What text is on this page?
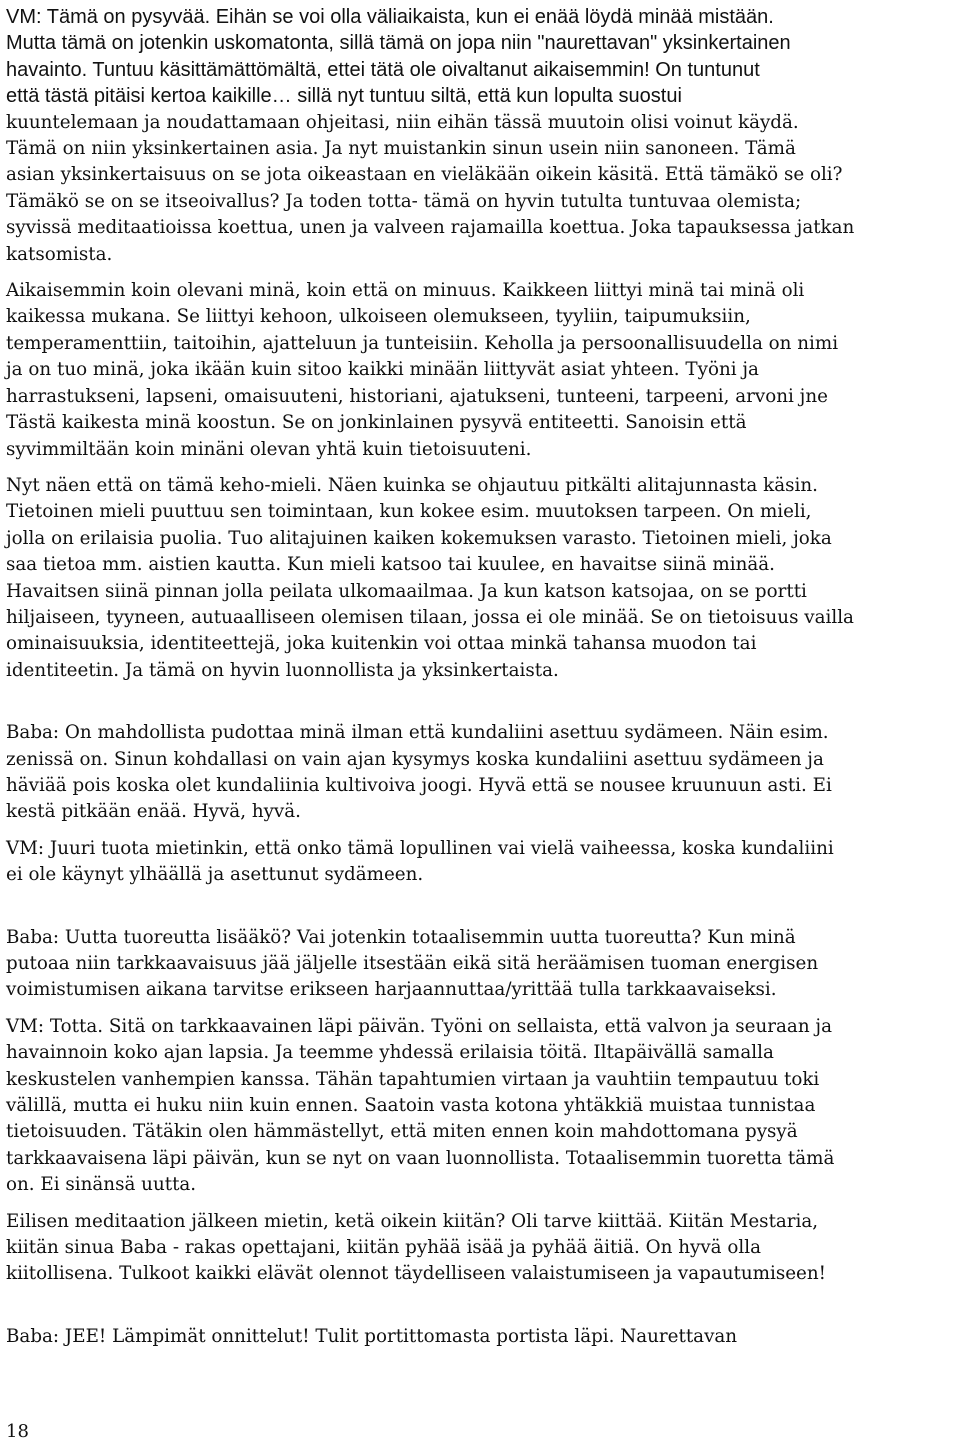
VM: Tämä on pysyvää. Eihän se voi olla väliaikaista, kun ei enää löydä minää mistään.
Mutta tämä on jotenkin uskomatonta, sillä tämä on jopa niin "naurettavan" yksinkertainen
havainto. Tuntuu käsittämättömältä, ettei tätä ole oivaltanut aikaisemmin! On tuntunut
että tästä pitäisi kertoa kaikille… sillä nyt tuntuu siltä, että kun lopulta suostui
kuuntelemaan ja noudattamaan ohjeitasi, niin eihän tässä muutoin olisi voinut käydä.
Tämä on niin yksinkertainen asia. Ja nyt muistankin sinun usein niin sanoneen. Tämä
asian yksinkertaisuus on se jota oikeastaan en vieläkään oikein käsitä. Että tämäkö se oli?
Tämäkö se on se itseoivallus? Ja toden totta- tämä on hyvin tutulta tuntuvaa olemista;
syvissä meditaatioissa koettua, unen ja valveen rajamailla koettua. Joka tapauksessa jatkan
katsomista.

Aikaisemmin koin olevani minä, koin että on minuus. Kaikkeen liittyi minä tai minä oli
kaikessa mukana. Se liittyi kehoon, ulkoiseen olemukseen, tyyliin, taipumuksiin,
temperamenttiin, taitoihin, ajatteluun ja tunteisiin. Keholla ja persoonallisuudella on nimi
ja on tuo minä, joka ikään kuin sitoo kaikki minään liittyvät asiat yhteen. Työni ja
harrastukseni, lapseni, omaisuuteni, historiani, ajatukseni, tunteeni, tarpeeni, arvoni jne
Tästä kaikesta minä koostun. Se on jonkinlainen pysyvä entiteetti. Sanoisin että
syvimmiltään koin minäni olevan yhtä kuin tietoisuuteni.

Nyt näen että on tämä keho-mieli. Näen kuinka se ohjautuu pitkälti alitajunnasta käsin.
Tietoinen mieli puuttuu sen toimintaan, kun kokee esim. muutoksen tarpeen. On mieli,
jolla on erilaisia puolia. Tuo alitajuinen kaiken kokemuksen varasto. Tietoinen mieli, joka
saa tietoa mm. aistien kautta. Kun mieli katsoo tai kuulee, en havaitse siinä minää.
Havaitsen siinä pinnan jolla peilata ulkomaailmaa. Ja kun katson katsojaa, on se portti
hiljaiseen, tyyneen, autuaalliseen olemisen tilaan, jossa ei ole minää. Se on tietoisuus vailla
ominaisuuksia, identiteettejä, joka kuitenkin voi ottaa minkä tahansa muodon tai
identiteetin. Ja tämä on hyvin luonnollista ja yksinkertaista.

Baba: On mahdollista pudottaa minä ilman että kundaliini asettuu sydämeen. Näin esim.
zenissä on. Sinun kohdallasi on vain ajan kysymys koska kundaliini asettuu sydämeen ja
häviää pois koska olet kundaliinia kultivoiva joogi. Hyvä että se nousee kruunuun asti. Ei
kestä pitkään enää. Hyvä, hyvä.

VM: Juuri tuota mietinkin, että onko tämä lopullinen vai vielä vaiheessa, koska kundaliini
ei ole käynyt ylhäällä ja asettunut sydämeen.

Baba: Uutta tuoreutta lisääkö? Vai jotenkin totaalisemmin uutta tuoreutta? Kun minä
putoaa niin tarkkaavaisuus jää jäljelle itsestään eikä sitä heräämisen tuoman energisen
voimistumisen aikana tarvitse erikseen harjaannuttaa/yrittää tulla tarkkaavaiseksi.

VM: Totta. Sitä on tarkkaavainen läpi päivän. Työni on sellaista, että valvon ja seuraan ja
havainnoin koko ajan lapsia. Ja teemme yhdessä erilaisia töitä. Iltapäivällä samalla
keskustelen vanhempien kanssa. Tähän tapahtumien virtaan ja vauhtiin tempautuu toki
välillä, mutta ei huku niin kuin ennen. Saatoin vasta kotona yhtäkkiä muistaa tunnistaa
tietoisuuden. Tätäkin olen hämmästellyt, että miten ennen koin mahdottomana pysyä
tarkkaavaisena läpi päivän, kun se nyt on vaan luonnollista. Totaalisemmin tuoretta tämä
on. Ei sinänsä uutta.

Eilisen meditaation jälkeen mietin, ketä oikein kiitän? Oli tarve kiittää. Kiitän Mestaria,
kiitän sinua Baba - rakas opettajani, kiitän pyhää isää ja pyhää äitiä. On hyvä olla
kiitollisena. Tulkoot kaikki elävät olennot täydelliseen valaistumiseen ja vapautumiseen!

Baba: JEE! Lämpimät onnittelut! Tulit portittomasta portista läpi. Naurettavan

18
